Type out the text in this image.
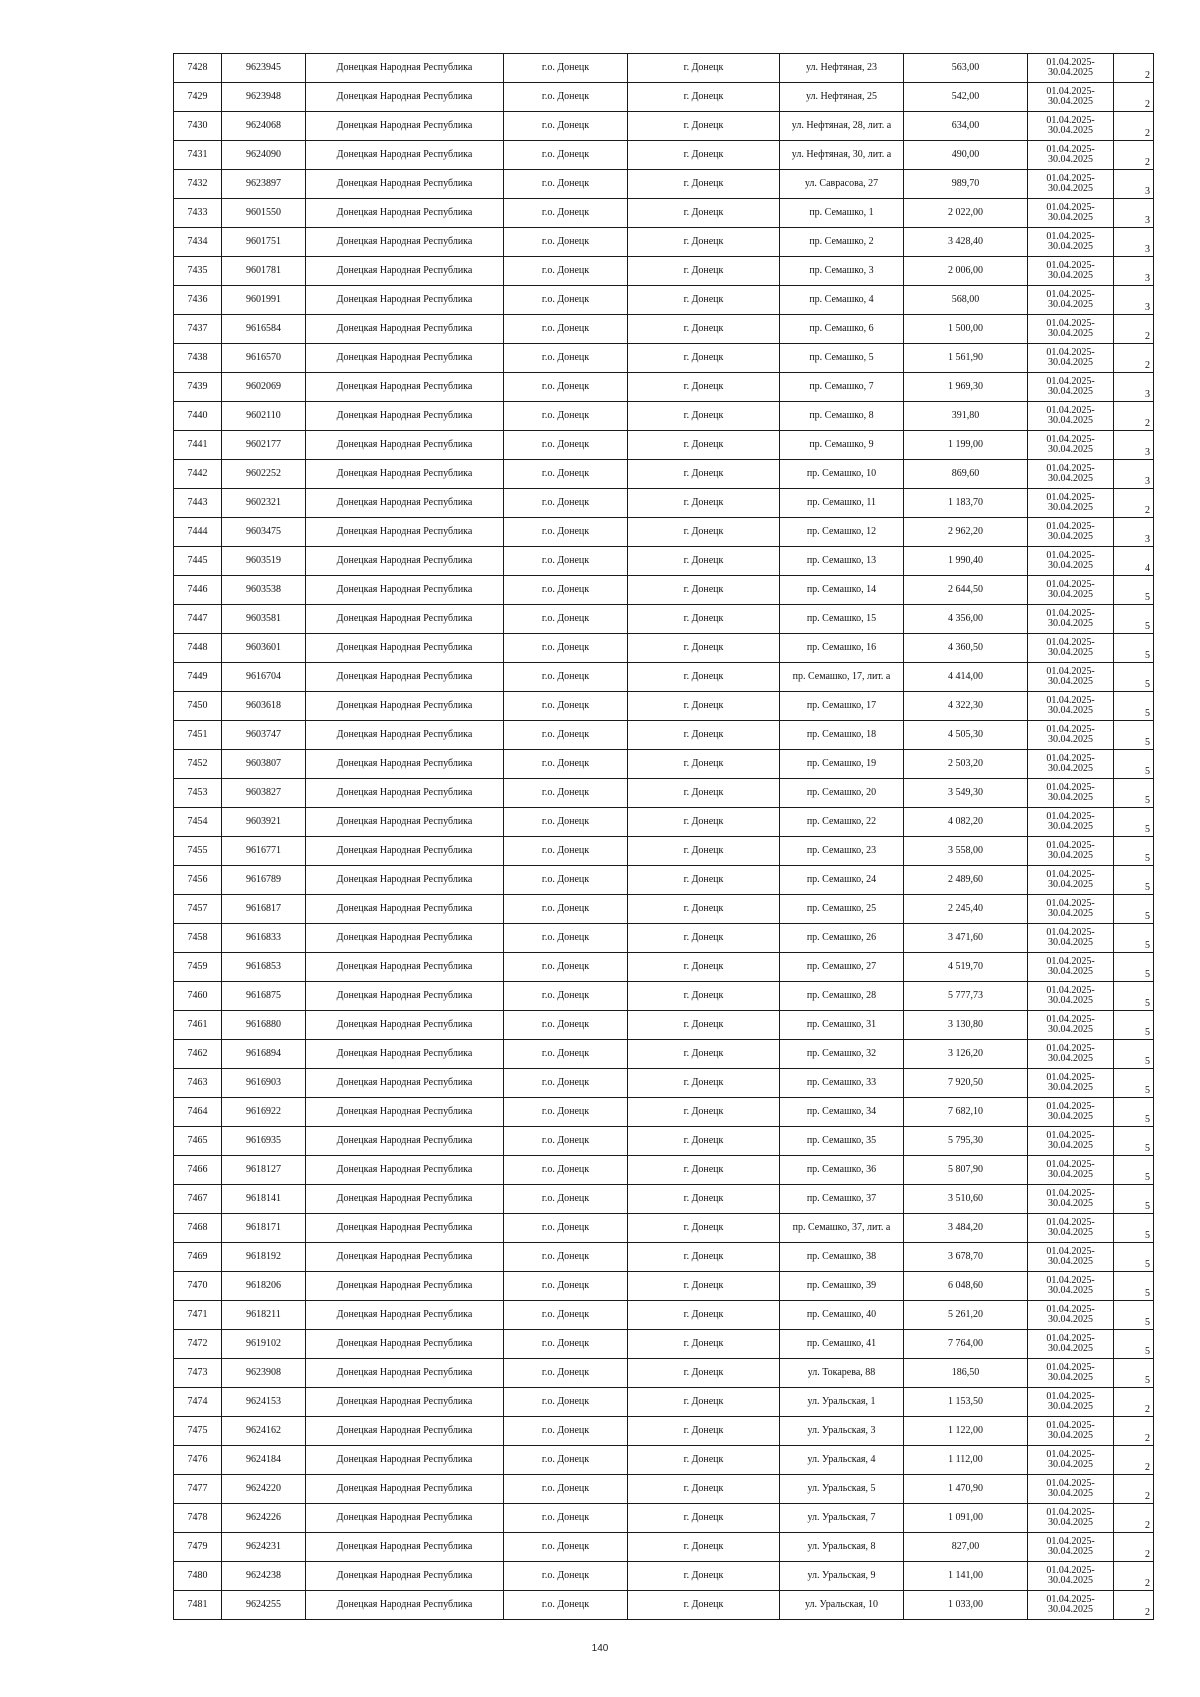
7428	9623945	Донецкая Народная Республика	г.о. Донецк	г. Донецк	ул. Нефтяная, 23	563,00	01.04.2025-
30.04.2025	2
7429	9623948	Донецкая Народная Республика	г.о. Донецк	г. Донецк	ул. Нефтяная, 25	542,00	01.04.2025-
30.04.2025	2
7430	9624068	Донецкая Народная Республика	г.о. Донецк	г. Донецк	ул. Нефтяная, 28, лит. а	634,00	01.04.2025-
30.04.2025	2
7431	9624090	Донецкая Народная Республика	г.о. Донецк	г. Донецк	ул. Нефтяная, 30, лит. а	490,00	01.04.2025-
30.04.2025	2
7432	9623897	Донецкая Народная Республика	г.о. Донецк	г. Донецк	ул. Саврасова, 27	989,70	01.04.2025-
30.04.2025	3
7433	9601550	Донецкая Народная Республика	г.о. Донецк	г. Донецк	пр. Семашко, 1	2 022,00	01.04.2025-
30.04.2025	3
7434	9601751	Донецкая Народная Республика	г.о. Донецк	г. Донецк	пр. Семашко, 2	3 428,40	01.04.2025-
30.04.2025	3
7435	9601781	Донецкая Народная Республика	г.о. Донецк	г. Донецк	пр. Семашко, 3	2 006,00	01.04.2025-
30.04.2025	3
7436	9601991	Донецкая Народная Республика	г.о. Донецк	г. Донецк	пр. Семашко, 4	568,00	01.04.2025-
30.04.2025	3
7437	9616584	Донецкая Народная Республика	г.о. Донецк	г. Донецк	пр. Семашко, 6	1 500,00	01.04.2025-
30.04.2025	2
7438	9616570	Донецкая Народная Республика	г.о. Донецк	г. Донецк	пр. Семашко, 5	1 561,90	01.04.2025-
30.04.2025	2
7439	9602069	Донецкая Народная Республика	г.о. Донецк	г. Донецк	пр. Семашко, 7	1 969,30	01.04.2025-
30.04.2025	3
7440	9602110	Донецкая Народная Республика	г.о. Донецк	г. Донецк	пр. Семашко, 8	391,80	01.04.2025-
30.04.2025	2
7441	9602177	Донецкая Народная Республика	г.о. Донецк	г. Донецк	пр. Семашко, 9	1 199,00	01.04.2025-
30.04.2025	3
7442	9602252	Донецкая Народная Республика	г.о. Донецк	г. Донецк	пр. Семашко, 10	869,60	01.04.2025-
30.04.2025	3
7443	9602321	Донецкая Народная Республика	г.о. Донецк	г. Донецк	пр. Семашко, 11	1 183,70	01.04.2025-
30.04.2025	2
7444	9603475	Донецкая Народная Республика	г.о. Донецк	г. Донецк	пр. Семашко, 12	2 962,20	01.04.2025-
30.04.2025	3
7445	9603519	Донецкая Народная Республика	г.о. Донецк	г. Донецк	пр. Семашко, 13	1 990,40	01.04.2025-
30.04.2025	4
7446	9603538	Донецкая Народная Республика	г.о. Донецк	г. Донецк	пр. Семашко, 14	2 644,50	01.04.2025-
30.04.2025	5
7447	9603581	Донецкая Народная Республика	г.о. Донецк	г. Донецк	пр. Семашко, 15	4 356,00	01.04.2025-
30.04.2025	5
7448	9603601	Донецкая Народная Республика	г.о. Донецк	г. Донецк	пр. Семашко, 16	4 360,50	01.04.2025-
30.04.2025	5
7449	9616704	Донецкая Народная Республика	г.о. Донецк	г. Донецк	пр. Семашко, 17, лит. а	4 414,00	01.04.2025-
30.04.2025	5
7450	9603618	Донецкая Народная Республика	г.о. Донецк	г. Донецк	пр. Семашко, 17	4 322,30	01.04.2025-
30.04.2025	5
7451	9603747	Донецкая Народная Республика	г.о. Донецк	г. Донецк	пр. Семашко, 18	4 505,30	01.04.2025-
30.04.2025	5
7452	9603807	Донецкая Народная Республика	г.о. Донецк	г. Донецк	пр. Семашко, 19	2 503,20	01.04.2025-
30.04.2025	5
7453	9603827	Донецкая Народная Республика	г.о. Донецк	г. Донецк	пр. Семашко, 20	3 549,30	01.04.2025-
30.04.2025	5
7454	9603921	Донецкая Народная Республика	г.о. Донецк	г. Донецк	пр. Семашко, 22	4 082,20	01.04.2025-
30.04.2025	5
7455	9616771	Донецкая Народная Республика	г.о. Донецк	г. Донецк	пр. Семашко, 23	3 558,00	01.04.2025-
30.04.2025	5
7456	9616789	Донецкая Народная Республика	г.о. Донецк	г. Донецк	пр. Семашко, 24	2 489,60	01.04.2025-
30.04.2025	5
7457	9616817	Донецкая Народная Республика	г.о. Донецк	г. Донецк	пр. Семашко, 25	2 245,40	01.04.2025-
30.04.2025	5
7458	9616833	Донецкая Народная Республика	г.о. Донецк	г. Донецк	пр. Семашко, 26	3 471,60	01.04.2025-
30.04.2025	5
7459	9616853	Донецкая Народная Республика	г.о. Донецк	г. Донецк	пр. Семашко, 27	4 519,70	01.04.2025-
30.04.2025	5
7460	9616875	Донецкая Народная Республика	г.о. Донецк	г. Донецк	пр. Семашко, 28	5 777,73	01.04.2025-
30.04.2025	5
7461	9616880	Донецкая Народная Республика	г.о. Донецк	г. Донецк	пр. Семашко, 31	3 130,80	01.04.2025-
30.04.2025	5
7462	9616894	Донецкая Народная Республика	г.о. Донецк	г. Донецк	пр. Семашко, 32	3 126,20	01.04.2025-
30.04.2025	5
7463	9616903	Донецкая Народная Республика	г.о. Донецк	г. Донецк	пр. Семашко, 33	7 920,50	01.04.2025-
30.04.2025	5
7464	9616922	Донецкая Народная Республика	г.о. Донецк	г. Донецк	пр. Семашко, 34	7 682,10	01.04.2025-
30.04.2025	5
7465	9616935	Донецкая Народная Республика	г.о. Донецк	г. Донецк	пр. Семашко, 35	5 795,30	01.04.2025-
30.04.2025	5
7466	9618127	Донецкая Народная Республика	г.о. Донецк	г. Донецк	пр. Семашко, 36	5 807,90	01.04.2025-
30.04.2025	5
7467	9618141	Донецкая Народная Республика	г.о. Донецк	г. Донецк	пр. Семашко, 37	3 510,60	01.04.2025-
30.04.2025	5
7468	9618171	Донецкая Народная Республика	г.о. Донецк	г. Донецк	пр. Семашко, 37, лит. а	3 484,20	01.04.2025-
30.04.2025	5
7469	9618192	Донецкая Народная Республика	г.о. Донецк	г. Донецк	пр. Семашко, 38	3 678,70	01.04.2025-
30.04.2025	5
7470	9618206	Донецкая Народная Республика	г.о. Донецк	г. Донецк	пр. Семашко, 39	6 048,60	01.04.2025-
30.04.2025	5
7471	9618211	Донецкая Народная Республика	г.о. Донецк	г. Донецк	пр. Семашко, 40	5 261,20	01.04.2025-
30.04.2025	5
7472	9619102	Донецкая Народная Республика	г.о. Донецк	г. Донецк	пр. Семашко, 41	7 764,00	01.04.2025-
30.04.2025	5
7473	9623908	Донецкая Народная Республика	г.о. Донецк	г. Донецк	ул. Токарева, 88	186,50	01.04.2025-
30.04.2025	5
7474	9624153	Донецкая Народная Республика	г.о. Донецк	г. Донецк	ул. Уральская, 1	1 153,50	01.04.2025-
30.04.2025	2
7475	9624162	Донецкая Народная Республика	г.о. Донецк	г. Донецк	ул. Уральская, 3	1 122,00	01.04.2025-
30.04.2025	2
7476	9624184	Донецкая Народная Республика	г.о. Донецк	г. Донецк	ул. Уральская, 4	1 112,00	01.04.2025-
30.04.2025	2
7477	9624220	Донецкая Народная Республика	г.о. Донецк	г. Донецк	ул. Уральская, 5	1 470,90	01.04.2025-
30.04.2025	2
7478	9624226	Донецкая Народная Республика	г.о. Донецк	г. Донецк	ул. Уральская, 7	1 091,00	01.04.2025-
30.04.2025	2
7479	9624231	Донецкая Народная Республика	г.о. Донецк	г. Донецк	ул. Уральская, 8	827,00	01.04.2025-
30.04.2025	2
7480	9624238	Донецкая Народная Республика	г.о. Донецк	г. Донецк	ул. Уральская, 9	1 141,00	01.04.2025-
30.04.2025	2
7481	9624255	Донецкая Народная Республика	г.о. Донецк	г. Донецк	ул. Уральская, 10	1 033,00	01.04.2025-
30.04.2025	2
140
